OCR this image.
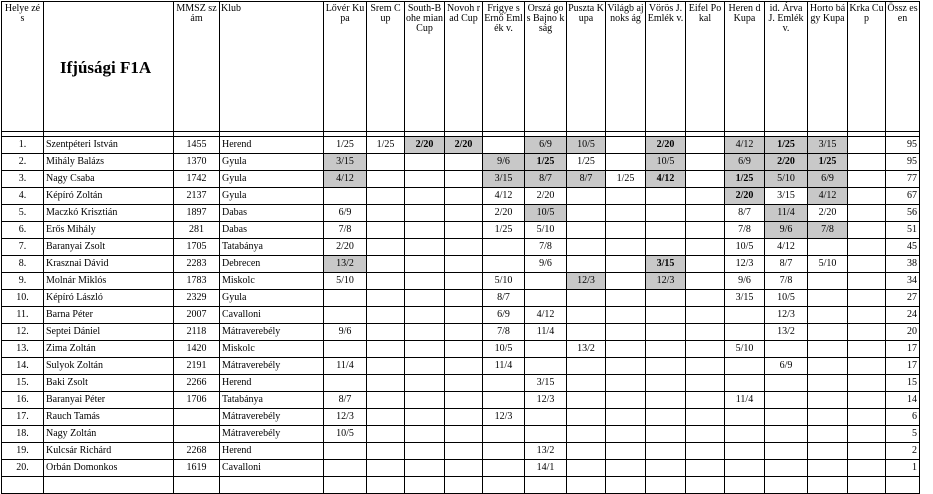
Helye zés	Ifjúsági F1A	MMSZ szám	Klub	Lővér Kupa	Srem Cup	South-Bohe mian Cup	Novoh rad Cup	Frigye s Ernő Emlék v.	Orszá gos Bajno kság	Puszta Kupa	Világb ajnoks ág	Vörös J. Emlék v.	Eifel Pokal	Heren d Kupa	id. Árva J. Emlék v.	Horto bágy Kupa	Krka Cup	Össz esen

1.	Szentpéteri István	1455	Herend	1/25	1/25	2/20	2/20		6/9	10/5		2/20		4/12	1/25	3/15		95
2.	Mihály Balázs	1370	Gyula	3/15				9/6	1/25	1/25		10/5		6/9	2/20	1/25		95
3.	Nagy Csaba	1742	Gyula	4/12				3/15	8/7	8/7	1/25	4/12		1/25	5/10	6/9		77
4.	Képíró Zoltán	2137	Gyula					4/12	2/20					2/20	3/15	4/12		67
5.	Maczkó Krisztián	1897	Dabas	6/9				2/20	10/5					8/7	11/4	2/20		56
6.	Erős Mihály	281	Dabas	7/8				1/25	5/10					7/8	9/6	7/8		51
7.	Baranyai Zsolt	1705	Tatabánya	2/20					7/8					10/5	4/12			45
8.	Krasznai Dávid	2283	Debrecen	13/2					9/6			3/15		12/3	8/7	5/10		38
9.	Molnár Miklós	1783	Miskolc	5/10				5/10		12/3		12/3		9/6	7/8			34
10.	Képíró László	2329	Gyula					8/7						3/15	10/5			27
11.	Barna Péter	2007	Cavalloni					6/9	4/12						12/3			24
12.	Septei Dániel	2118	Mátraverebély	9/6				7/8	11/4						13/2			20
13.	Zima Zoltán	1420	Miskolc					10/5		13/2				5/10				17
14.	Sulyok Zoltán	2191	Mátraverebély	11/4				11/4							6/9			17
15.	Baki Zsolt	2266	Herend						3/15									15
16.	Baranyai Péter	1706	Tatabánya	8/7					12/3					11/4				14
17.	Rauch Tamás		Mátraverebély	12/3				12/3										6
18.	Nagy Zoltán		Mátraverebély	10/5														5
19.	Kulcsár Richárd	2268	Herend						13/2									2
20.	Orbán Domonkos	1619	Cavalloni						14/1									1
